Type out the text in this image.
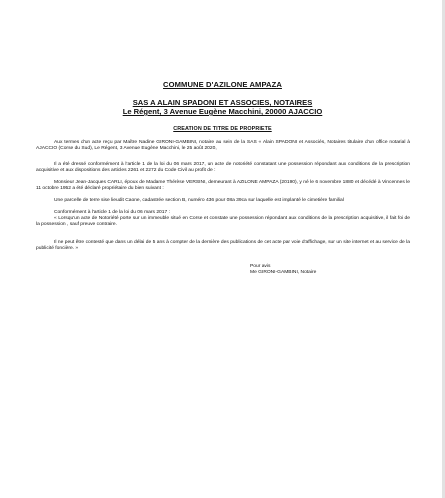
COMMUNE D'AZILONE AMPAZA
SAS A ALAIN SPADONI ET ASSOCIES, NOTAIRES
Le Régent, 3 Avenue Eugène Macchini, 20000 AJACCIO
CREATION DE TITRE DE PROPRIETE

Aux termes d'un acte reçu par Maître Nadine GIRONI-GAMBINI, notaire au sein de la SAS « Alain SPADONI et Associés, Notaires titulaire d'un office notarial à AJACCIO (Corse du Sud), Le Régent, 3 Avenue Eugène Macchini, le 25 août 2020,

Il a été dressé conformément à l'article 1 de la loi du 06 mars 2017, un acte de notoriété constatant une possession répondant aux conditions de la prescription acquisitive et aux dispositions des articles 2261 et 2272 du Code Civil au profit de :

Monsieur Jean-Jacques CARLI, époux de Madame Thérèse VERSINI, demeurant à AZILONE AMPAZA (20190), y né le 6 novembre 1880 et décédé à Vincennes le 11 octobre 1952 a été déclaré propriétaire du bien suivant :

Une parcelle de terre sise lieudit Caone, cadastrée section B, numéro 436 pour 08a 39ca sur laquelle est implanté le cimetière familial

Conformément à l'article 1 de la loi du 06 mars 2017 :

« Lorsqu'un acte de Notoriété porte sur un immeuble situé en Corse et constate une possession répondant aux conditions de la prescription acquisitive, il fait foi de la possession , sauf preuve contraire.

Il ne peut être contesté que dans un délai de 5 ans à compter de la dernière des publications de cet acte par voie d'affichage, sur un site internet et au service de la publicité foncière. »

Pour avis
Me GIRONI-GAMBINI, Notaire
